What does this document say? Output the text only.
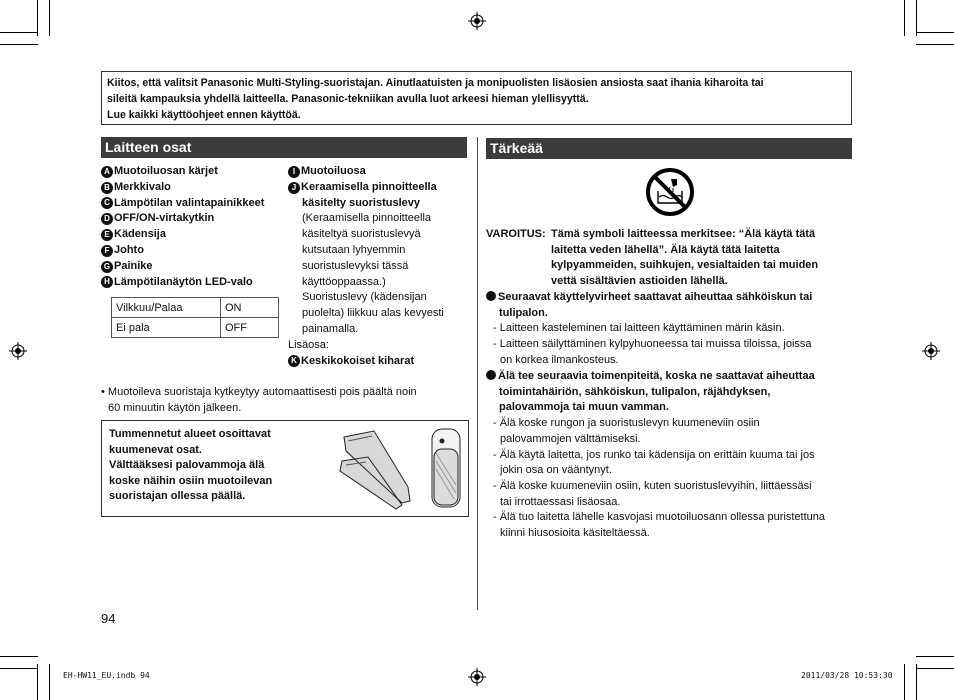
Kiitos, että valitsit Panasonic Multi-Styling-suoristajan. Ainutlaatuisten ja monipuolisten lisäosien ansiosta saat ihania kiharoita tai
sileitä kampauksia yhdellä laitteella. Panasonic-tekniikan avulla luot arkeesi hieman ylellisyyttä.
Lue kaikki käyttöohjeet ennen käyttöä.
Laitteen osat
A Muotoiluosan kärjet
B Merkkivalo
C Lämpötilan valintapainikkeet
D OFF/ON-virtakytkin
E Kädensija
F Johto
G Painike
H Lämpötilanäytön LED-valo
Vilkkuu/Palaa	ON
Ei pala	OFF
I Muotoiluosa
J Keraamisella pinnoitteella
käsitelty suoristuslevy
(Keraamisella pinnoitteella
käsiteltyä suoristuslevyä
kutsutaan lyhyemmin
suoristuslevyksi tässä
käyttöoppaassa.)
Suoristuslevy (kädensijan
puolelta) liikkuu alas kevyesti
painamalla.
Lisäosa:
K Keskikokoiset kiharat
• Muotoileva suoristaja kytkeytyy automaattisesti pois päältä noin
60 minuutin käytön jälkeen.
Tummennetut alueet osoittavat
kuumenevat osat.
Välttääksesi palovammoja älä
koske näihin osiin muotoilevan
suoristajan ollessa päällä.
94
Tärkeää
VAROITUS: Tämä symboli laitteessa merkitsee: “Älä käytä tätä
laitetta veden lähellä”. Älä käytä tätä laitetta
kylpyammeiden, suihkujen, vesialtaiden tai muiden
vettä sisältävien astioiden lähellä.
Seuraavat käyttelyvirheet saattavat aiheuttaa sähköiskun tai
tulipalon.
- Laitteen kasteleminen tai laitteen käyttäminen märin käsin.
- Laitteen säilyttäminen kylpyhuoneessa tai muissa tiloissa, joissa
on korkea ilmankosteus.
Älä tee seuraavia toimenpiteitä, koska ne saattavat aiheuttaa
toimintahäiriön, sähköiskun, tulipalon, räjähdyksen,
palovammoja tai muun vamman.
- Älä koske rungon ja suoristuslevyn kuumeneviin osiin
palovammojen välttämiseksi.
- Älä käytä laitetta, jos runko tai kädensija on erittäin kuuma tai jos
jokin osa on vääntynyt.
- Älä koske kuumeneviin osiin, kuten suoristuslevyihin, liittäessäsi
tai irrottaessasi lisäosaa.
- Älä tuo laitetta lähelle kasvojasi muotoiluosann ollessa puristettuna
kiinni hiusosioita käsiteltäessä.
EH-HW11_EU.indb 94	2011/03/28 10:53:30
